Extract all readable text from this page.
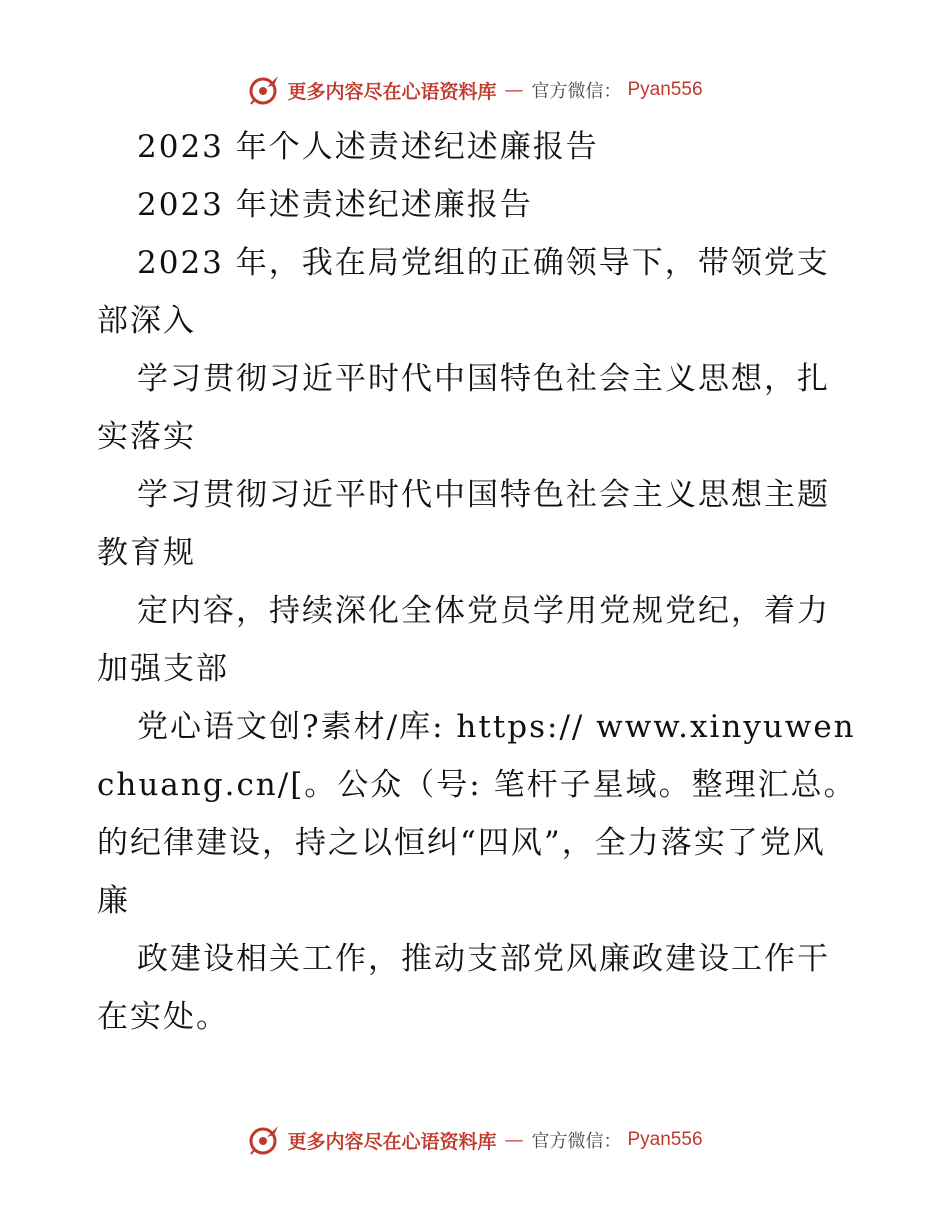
更多内容尽在心语资料库 — 官方微信： Pyan556

2023 年个人述责述纪述廉报告

2023 年述责述纪述廉报告

2023 年，我在局党组的正确领导下，带领党支部深入

学习贯彻习近平时代中国特色社会主义思想，扎实落实

学习贯彻习近平时代中国特色社会主义思想主题教育规

定内容，持续深化全体党员学用党规党纪，着力加强支部

党心语文创?素材/库: https:// www.xinyuwenchuang.cn/[。公众（号: 笔杆子星域。整理汇总。的纪律建设，持之以恒纠“四风”，全力落实了党风廉

政建设相关工作，推动支部党风廉政建设工作干在实处。

更多内容尽在心语资料库 — 官方微信： Pyan556
